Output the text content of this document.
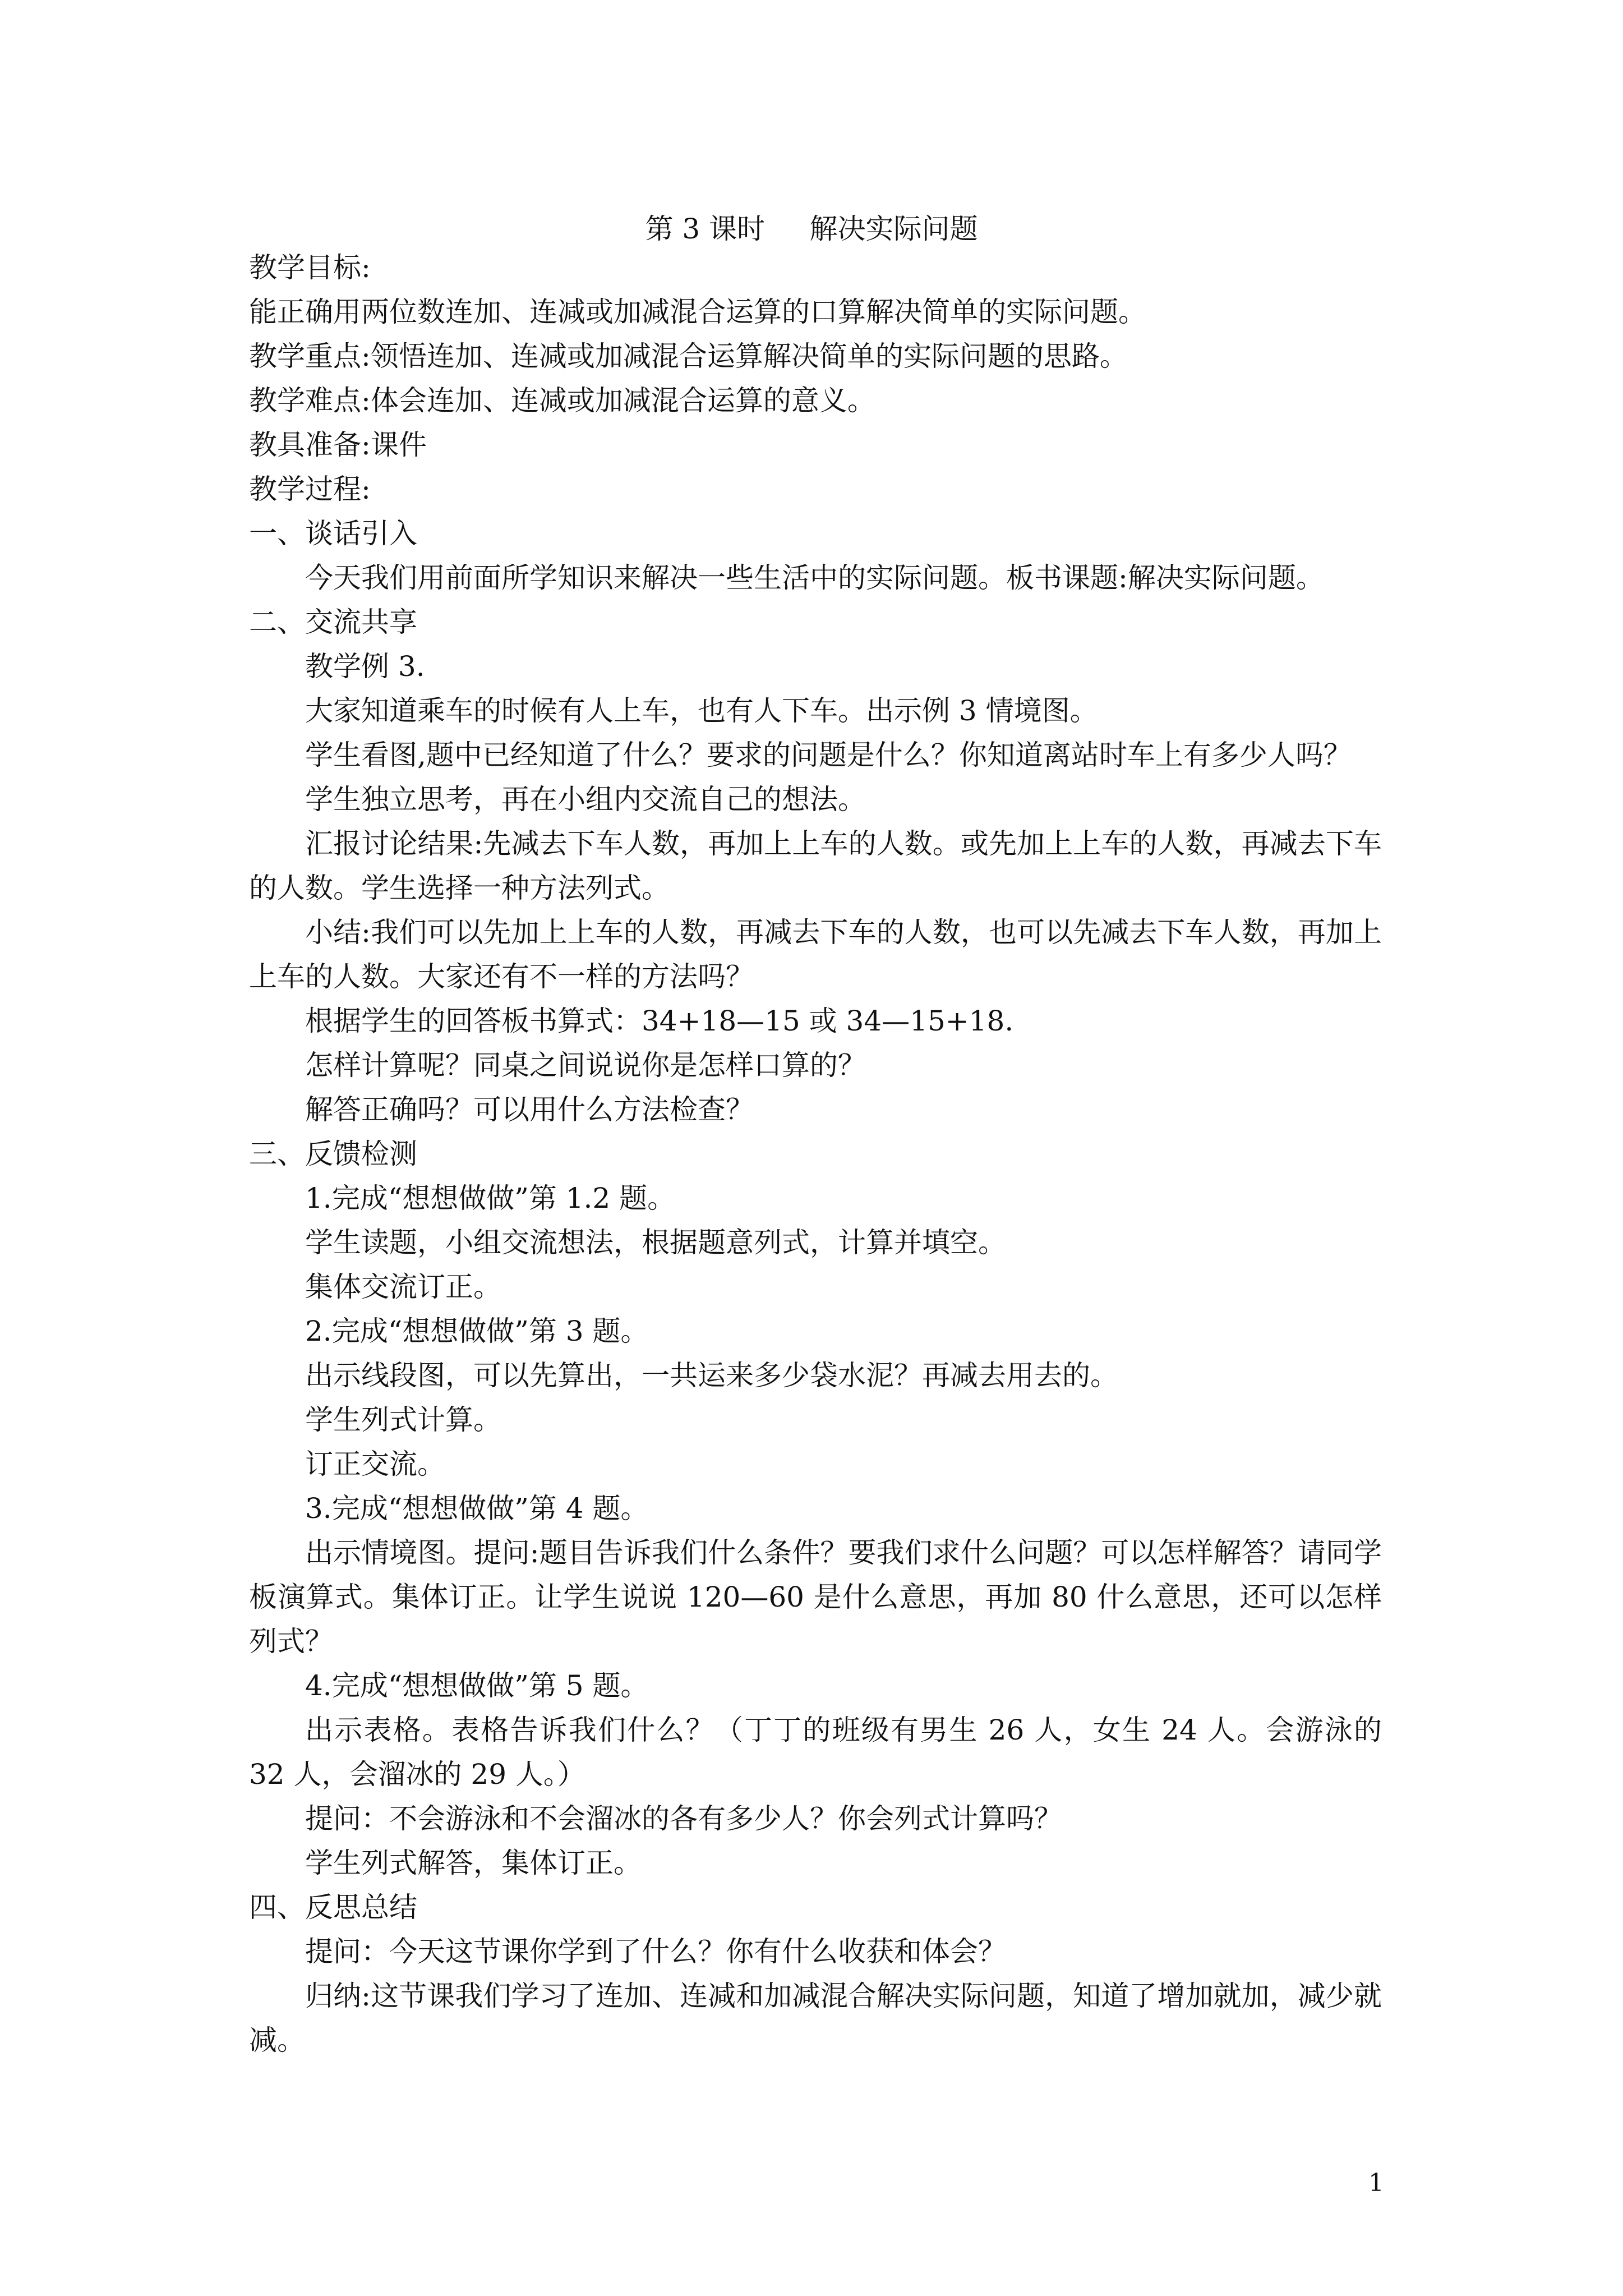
第 3 课时     解决实际问题
教学目标:
能正确用两位数连加、连减或加减混合运算的口算解决简单的实际问题。
教学重点:领悟连加、连减或加减混合运算解决简单的实际问题的思路。
教学难点:体会连加、连减或加减混合运算的意义。
教具准备:课件
教学过程:
一、谈话引入
今天我们用前面所学知识来解决一些生活中的实际问题。板书课题:解决实际问题。
二、交流共享
教学例 3.
大家知道乘车的时候有人上车，也有人下车。出示例 3 情境图。
学生看图,题中已经知道了什么？要求的问题是什么？你知道离站时车上有多少人吗？
学生独立思考，再在小组内交流自己的想法。
汇报讨论结果:先减去下车人数，再加上上车的人数。或先加上上车的人数，再减去下车的人数。学生选择一种方法列式。
小结:我们可以先加上上车的人数，再减去下车的人数，也可以先减去下车人数，再加上上车的人数。大家还有不一样的方法吗？
根据学生的回答板书算式：34+18—15 或 34—15+18.
怎样计算呢？同桌之间说说你是怎样口算的？
解答正确吗？可以用什么方法检查？
三、反馈检测
1.完成“想想做做”第 1.2 题。
学生读题，小组交流想法，根据题意列式，计算并填空。
集体交流订正。
2.完成“想想做做”第 3 题。
出示线段图，可以先算出，一共运来多少袋水泥？再减去用去的。
学生列式计算。
订正交流。
3.完成“想想做做”第 4 题。
出示情境图。提问:题目告诉我们什么条件？要我们求什么问题？可以怎样解答？请同学板演算式。集体订正。让学生说说 120—60 是什么意思，再加 80 什么意思，还可以怎样列式？
4.完成“想想做做”第 5 题。
出示表格。表格告诉我们什么？（丁丁的班级有男生 26 人，女生 24 人。会游泳的 32 人，会溜冰的 29 人。）
提问：不会游泳和不会溜冰的各有多少人？你会列式计算吗？
学生列式解答，集体订正。
四、反思总结
提问：今天这节课你学到了什么？你有什么收获和体会？
归纳:这节课我们学习了连加、连减和加减混合解决实际问题，知道了增加就加，减少就减。
1
